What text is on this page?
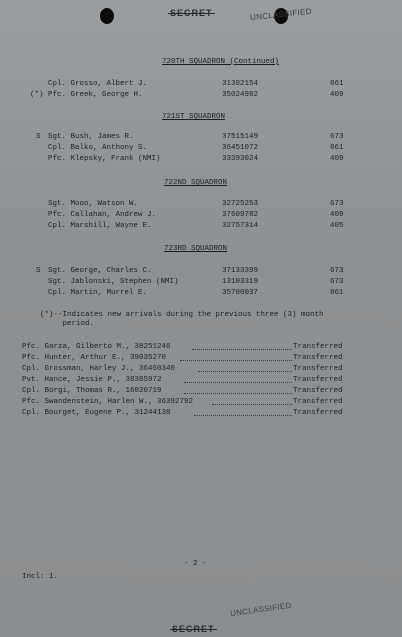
SECRET	UNCLASSIFIED
720TH SQUADRON (Continued)
Cpl. Grosso, Albert J.	31302154	861
(*) Pfc. Greek, George H.	35024982	409
721ST SQUADRON
S Sgt. Bush, James R.	37515149	673
Cpl. Balko, Anthony S.	36451072	861
Pfc. Klepsky, Frank (NMI)	33393024	409
722ND SQUADRON
Sgt. Moon, Watson W.	32725253	673
Pfc. Callahan, Andrew J.	37609782	409
Cpl. Marshill, Wayne E.	32757314	405
723RD SQUADRON
S Sgt. George, Charles C.	37133399	673
Sgt. Jablonski, Stephen (NMI)	13103319	673
Cpl. Martin, Murrel E.	35700037	861
(*)--Indicates new arrivals during the previous three (3) month
period.
Pfc. Garza, Gilberto M., 38251246	Transferred
Pfc. Hunter, Arthur E., 39035270	Transferred
Cpl. Grossman, Harley J., 36460340	Transferred
Pvt. Hance, Jessie P., 38365972	Transferred
Cpl. Borgi, Thomas R., 16020719	Transferred
Pfc. Swandenstein, Harlen W., 36392792	Transferred
Cpl. Bourget, Eugene P., 31244138	Transferred
- 2 -
Incl: 1.
UNCLASSIFIED
SECRET
